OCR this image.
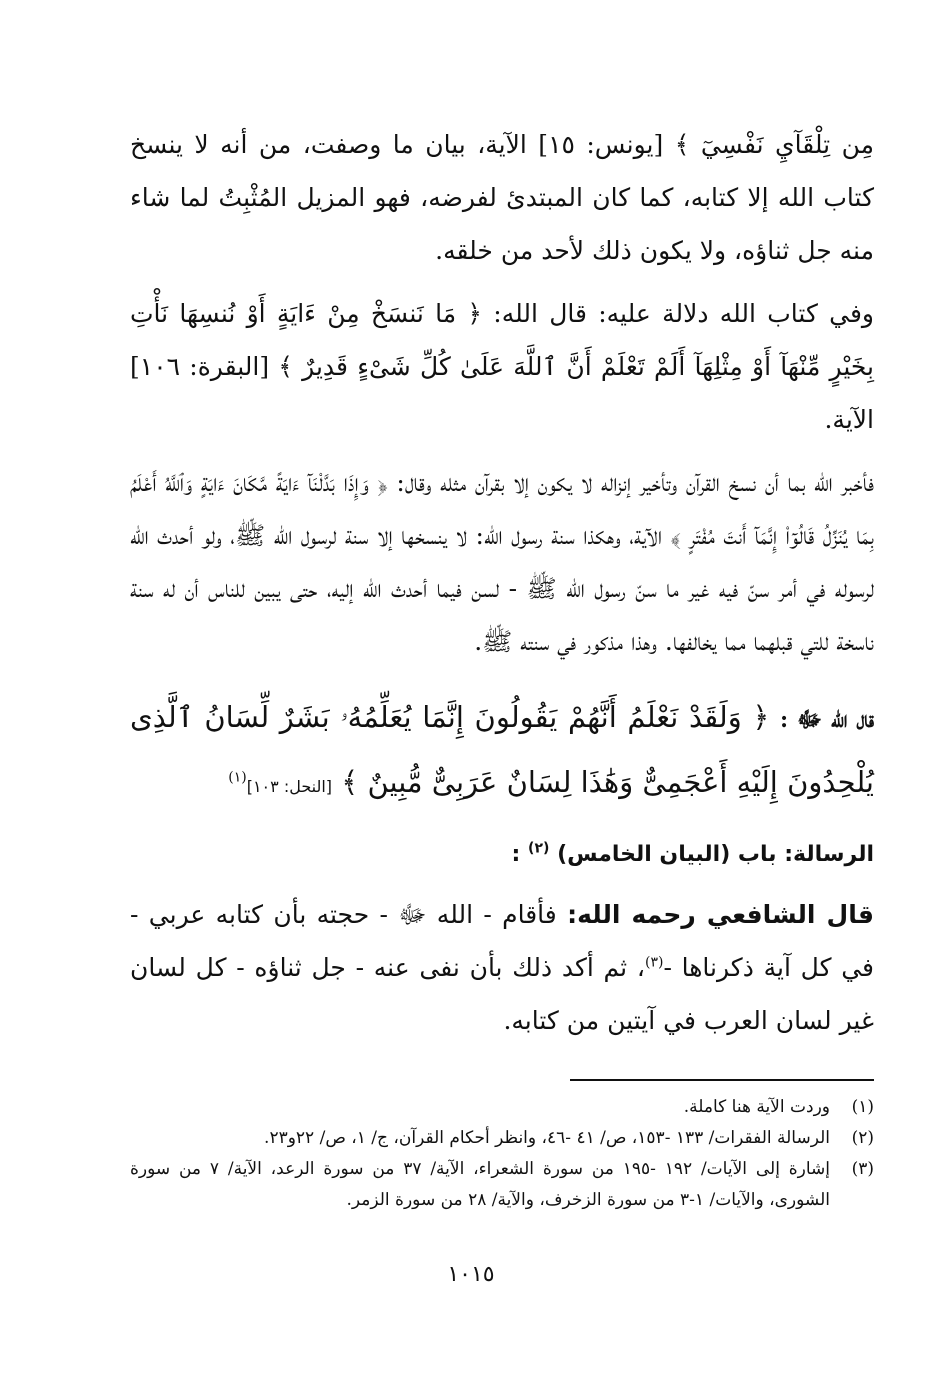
مِن تِلْقَآيِ نَفْسِيٓ ﴾ [يونس: ١٥] الآية، بيان ما وصفت، من أنه لا ينسخ كتاب الله إلا كتابه، كما كان المبتدئ لفرضه، فهو المزيل المُثْبِتُ لما شاء منه جل ثناؤه، ولا يكون ذلك لأحد من خلقه.

وفي كتاب الله دلالة عليه: قال الله: ﴿ مَا نَنسَخْ مِنْ ءَايَةٍ أَوْ نُنسِهَا نَأْتِ بِخَيْرٍ مِّنْهَآ أَوْ مِثْلِهَآ أَلَمْ تَعْلَمْ أَنَّ ٱللَّهَ عَلَىٰ كُلِّ شَىْءٍ قَدِيرٌ ﴾ [البقرة: ١٠٦] الآية.

فأخبر الله بما أن نسخ القرآن وتأخير إنزاله لا يكون إلا بقرآن مثله وقال: ﴿ وَإِذَا بَدَّلْنَآ ءَايَةً مَّكَانَ ءَايَةٍ وَٱللَّهُ أَعْلَمُ بِمَا يُنَزِّلُ قَالُوٓا۟ إِنَّمَآ أَنتَ مُفْتَرٍ ﴾ الآية، وهكذا سنة رسول الله: لا ينسخها إلا سنة لرسول الله ﷺ، ولو أحدث الله لرسوله في أمر سنّ فيه غير ما سنّ رسول الله ﷺ - لسن فيما أحدث الله إليه، حتى يبين للناس أن له سنة ناسخة للتي قبلهما مما يخالفها. وهذا مذكور في سنته ﷺ.

قال الله ﷻ : ﴿ وَلَقَدْ نَعْلَمُ أَنَّهُمْ يَقُولُونَ إِنَّمَا يُعَلِّمُهُۥ بَشَرٌ لِّسَانُ ٱلَّذِى يُلْحِدُونَ إِلَيْهِ أَعْجَمِىٌّ وَهَٰذَا لِسَانٌ عَرَبِىٌّ مُّبِينٌ ﴾ [النحل: ١٠٣]$^{(١)}$
الرسالة: باب (البيان الخامس) $^{(٢)}$ :

قال الشافعي رحمه الله: فأقام - الله ﷻ - حجته بأن كتابه عربي - في كل آية ذكرناها -$^{(٣)}$، ثم أكد ذلك بأن نفى عنه - جل ثناؤه - كل لسان غير لسان العرب في آيتين من كتابه.

(١)
وردت الآية هنا كاملة.
(٢)
الرسالة الفقرات/ ١٣٣ -١٥٣، ص/ ٤١ -٤٦، وانظر أحكام القرآن، ج/ ١، ص/ ٢٢و٢٣.
(٣)
إشارة إلى الآيات/ ١٩٢ -١٩٥ من سورة الشعراء، الآية/ ٣٧ من سورة الرعد، الآية/ ٧ من سورة الشورى، والآيات/ ١-٣ من سورة الزخرف، والآية/ ٢٨ من سورة الزمر.
١٠١٥
